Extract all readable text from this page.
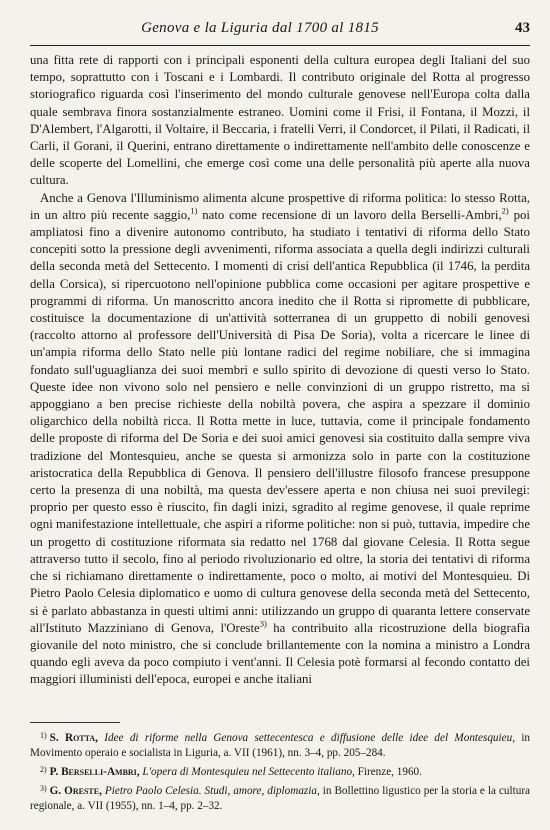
Genova e la Liguria dal 1700 al 1815	43

una fitta rete di rapporti con i principali esponenti della cultura europea degli Italiani del suo tempo, soprattutto con i Toscani e i Lombardi. Il contributo originale del Rotta al progresso storiografico riguarda così l'inserimento del mondo culturale genovese nell'Europa colta dalla quale sembrava finora sostanzialmente estraneo. Uomini come il Frisi, il Fontana, il Mozzi, il D'Alembert, l'Algarotti, il Voltaire, il Beccaria, i fratelli Verri, il Condorcet, il Pilati, il Radicati, il Carli, il Gorani, il Querini, entrano direttamente o indirettamente nell'ambito delle conoscenze e delle scoperte del Lomellini, che emerge così come una delle personalità più aperte alla nuova cultura.

Anche a Genova l'Illuminismo alimenta alcune prospettive di riforma politica: lo stesso Rotta, in un altro più recente saggio,$^{1)}$ nato come recensione di un lavoro della Berselli-Ambri,$^{2)}$ poi ampliatosi fino a divenire autonomo contributo, ha studiato i tentativi di riforma dello Stato concepiti sotto la pressione degli avvenimenti, riforma associata a quella degli indirizzi culturali della seconda metà del Settecento. I momenti di crisi dell'antica Repubblica (il 1746, la perdita della Corsica), si ripercuotono nell'opinione pubblica come occasioni per agitare prospettive e programmi di riforma. Un manoscritto ancora inedito che il Rotta si ripromette di pubblicare, costituisce la documentazione di un'attività sotterranea di un gruppetto di nobili genovesi (raccolto attorno al professore dell'Università di Pisa De Soria), volta a ricercare le linee di un'ampia riforma dello Stato nelle più lontane radici del regime nobiliare, che si immagina fondato sull'uguaglianza dei suoi membri e sullo spirito di devozione di questi verso lo Stato. Queste idee non vivono solo nel pensiero e nelle convinzioni di un gruppo ristretto, ma si appoggiano a ben precise richieste della nobiltà povera, che aspira a spezzare il dominio oligarchico della nobiltà ricca. Il Rotta mette in luce, tuttavia, come il principale fondamento delle proposte di riforma del De Soria e dei suoi amici genovesi sia costituito dalla sempre viva tradizione del Montesquieu, anche se questa si armonizza solo in parte con la costituzione aristocratica della Repubblica di Genova. Il pensiero dell'illustre filosofo francese presuppone certo la presenza di una nobiltà, ma questa dev'essere aperta e non chiusa nei suoi previlegi: proprio per questo esso è riuscito, fin dagli inizi, sgradito al regime genovese, il quale reprime ogni manifestazione intellettuale, che aspiri a riforme politiche: non si può, tuttavia, impedire che un progetto di costituzione riformata sia redatto nel 1768 dal giovane Celesia. Il Rotta segue attraverso tutto il secolo, fino al periodo rivoluzionario ed oltre, la storia dei tentativi di riforma che si richiamano direttamente o indirettamente, poco o molto, ai motivi del Montesquieu. Di Pietro Paolo Celesia diplomatico e uomo di cultura genovese della seconda metà del Settecento, si è parlato abbastanza in questi ultimi anni: utilizzando un gruppo di quaranta lettere conservate all'Istituto Mazziniano di Genova, l'Oreste$^{3)}$ ha contribuito alla ricostruzione della biografia giovanile del noto ministro, che si conclude brillantemente con la nomina a ministro a Londra quando egli aveva da poco compiuto i vent'anni. Il Celesia potè formarsi al fecondo contatto dei maggiori illuministi dell'epoca, europei e anche italiani

$^{1)}$ S. Rotta, Idee di riforme nella Genova settecentesca e diffusione delle idee del Montesquieu, in Movimento operaio e socialista in Liguria, a. VII (1961), nn. 3–4, pp. 205–284.

$^{2)}$ P. Berselli-Ambri, L'opera di Montesquieu nel Settecento italiano, Firenze, 1960.

$^{3)}$ G. Oreste, Pietro Paolo Celesia. Studi, amore, diplomazia, in Bollettino ligustico per la storia e la cultura regionale, a. VII (1955), nn. 1–4, pp. 2–32.
